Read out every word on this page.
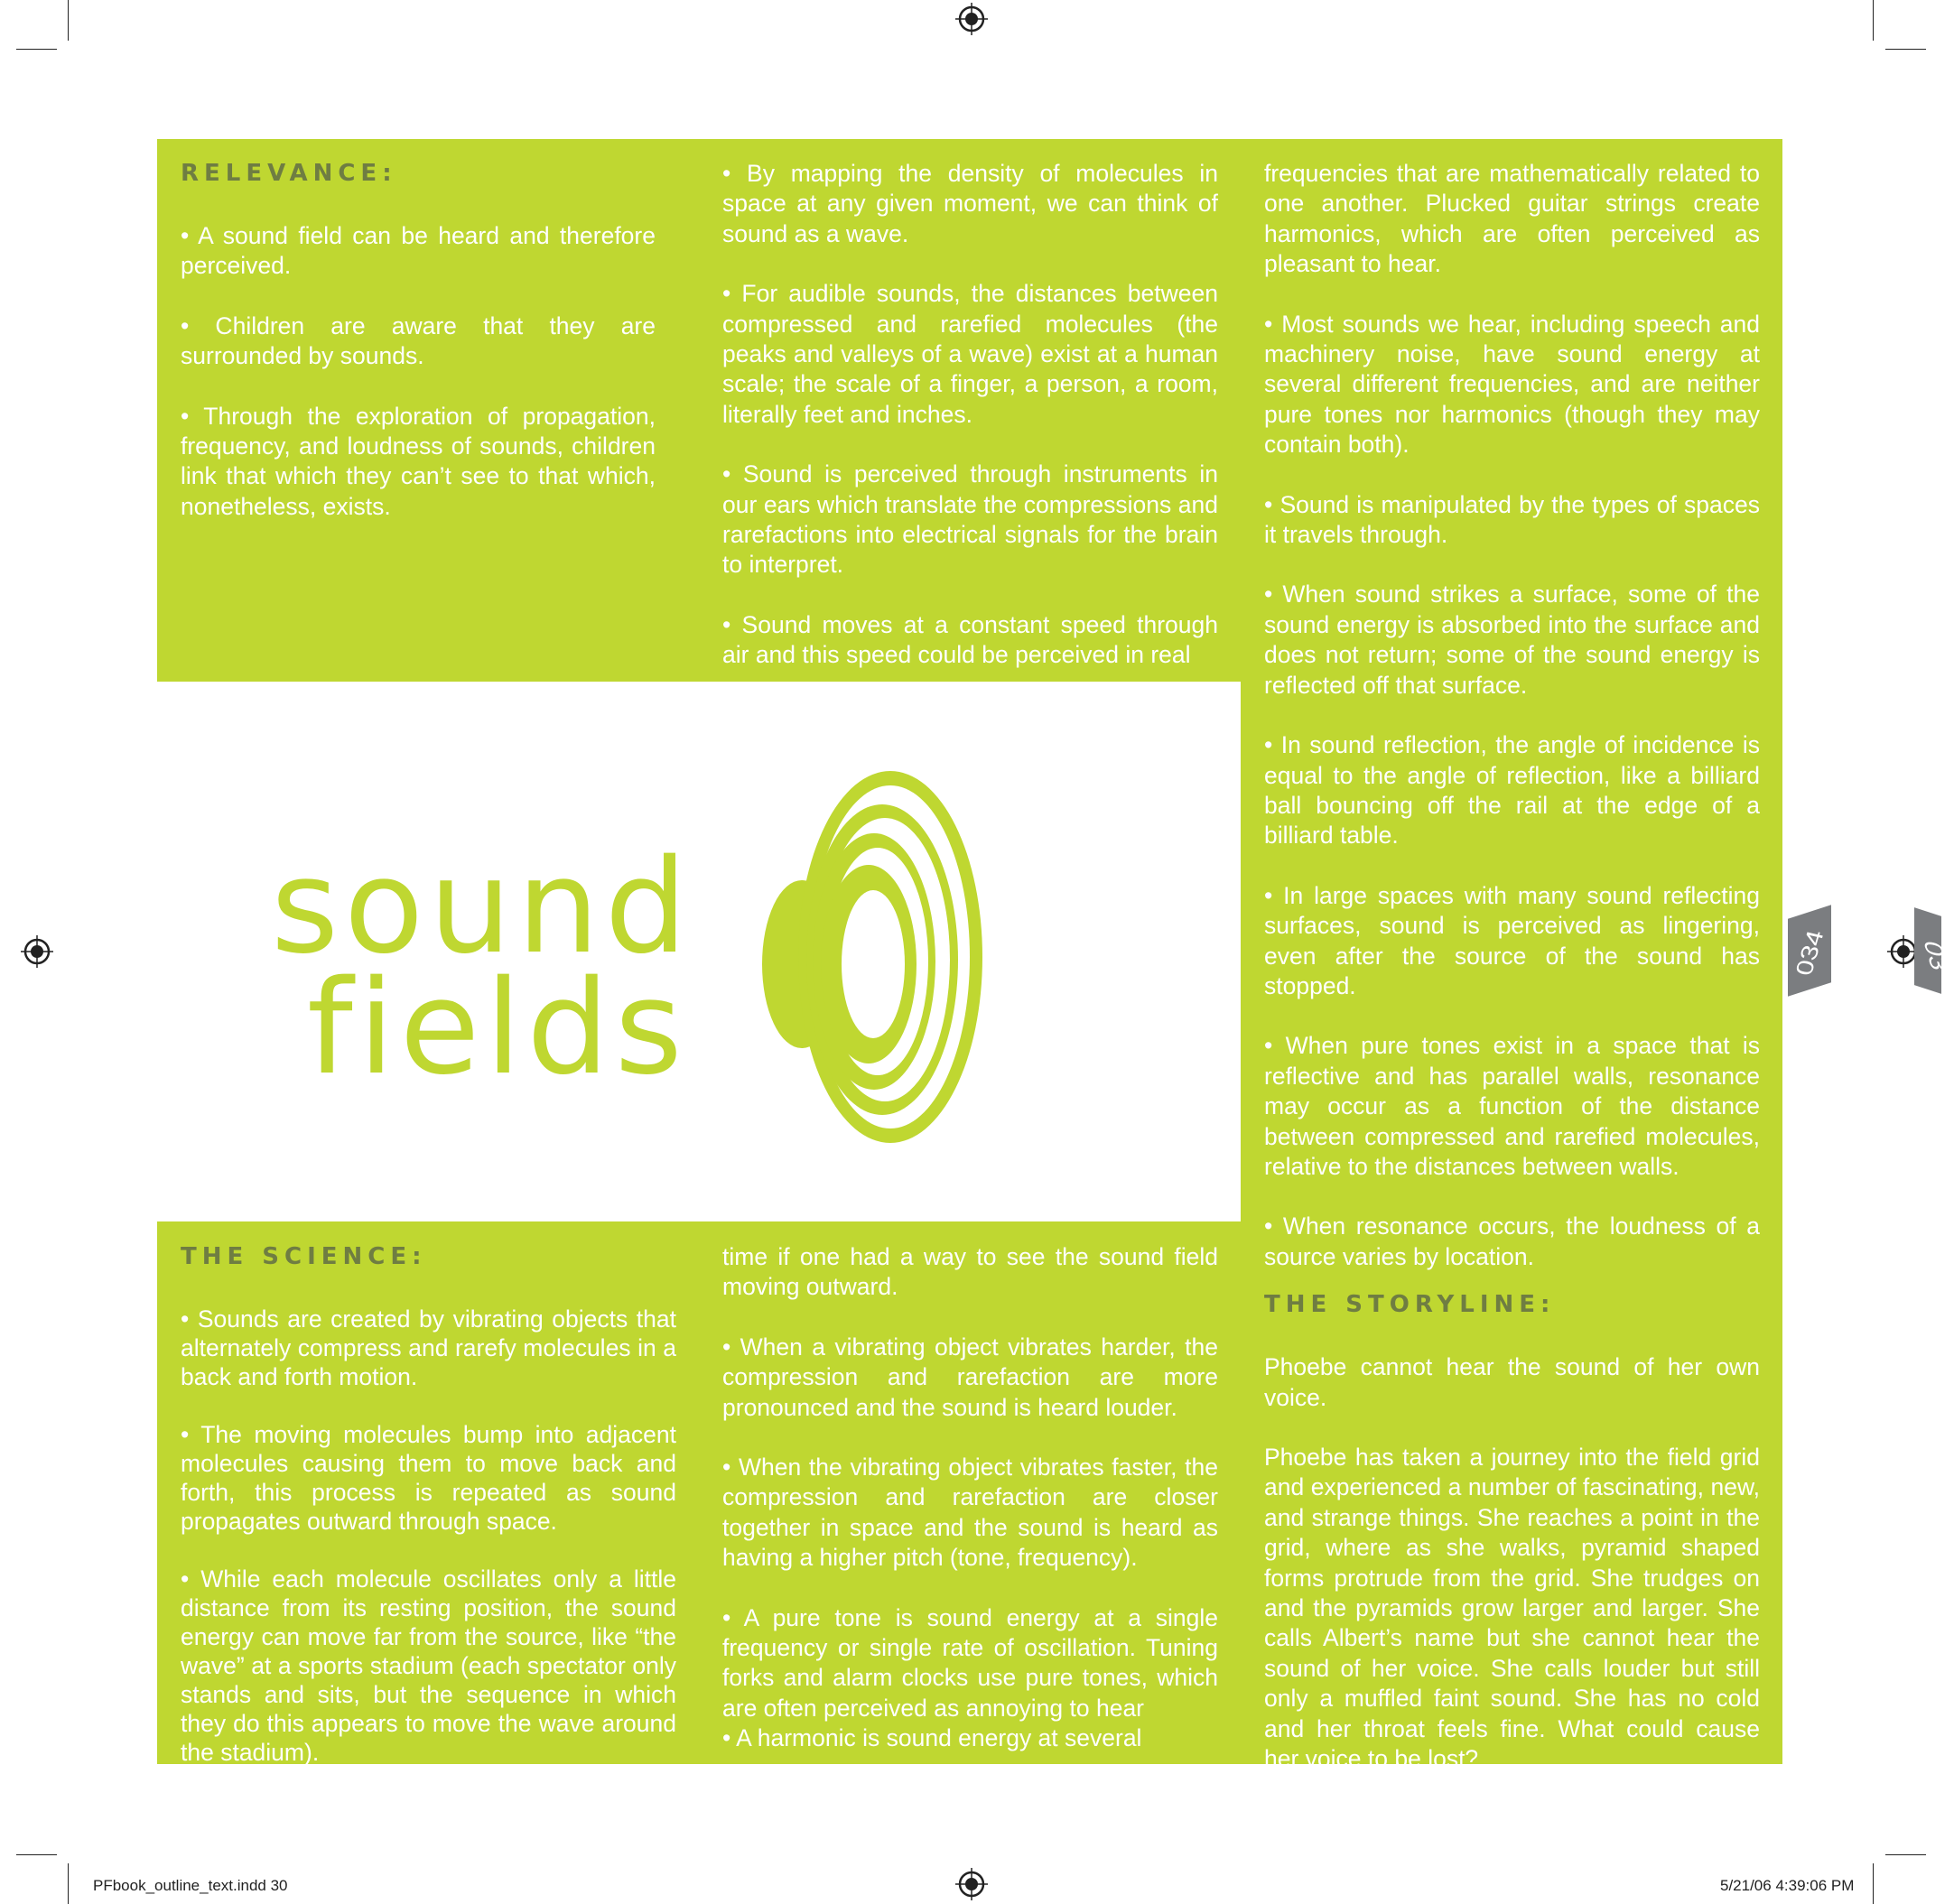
RELEVANCE:

• A sound field can be heard and therefore perceived.

• Children are aware that they are surrounded by sounds.

• Through the exploration of propagation, frequency, and loudness of sounds, children link that which they can’t see to that which, nonetheless, exists.

• By mapping the density of molecules in space at any given moment, we can think of sound as a wave.

• For audible sounds, the distances between compressed and rarefied molecules (the peaks and valleys of a wave) exist at a human scale; the scale of a finger, a person, a room, literally feet and inches.

• Sound is perceived through instruments in our ears which translate the compressions and rarefactions into electrical signals for the brain to interpret.

• Sound moves at a constant speed through air and this speed could be perceived in real

frequencies that are mathematically related to one another. Plucked guitar strings create harmonics, which are often perceived as pleasant to hear.

• Most sounds we hear, including speech and machinery noise, have sound energy at several different frequencies, and are neither pure tones nor harmonics (though they may contain both).

• Sound is manipulated by the types of spaces it travels through.

• When sound strikes a surface, some of the sound energy is absorbed into the surface and does not return; some of the sound energy is reflected off that surface.

• In sound reflection, the angle of incidence is equal to the angle of reflection, like a billiard ball bouncing off the rail at the edge of a billiard table.

• In large spaces with many sound reflecting surfaces, sound is perceived as lingering, even after the source of the sound has stopped.

• When pure tones exist in a space that is reflective and has parallel walls, resonance may occur as a function of the distance between compressed and rarefied molecules, relative to the distances between walls.

• When resonance occurs, the loudness of a source varies by location.

THE STORYLINE:

Phoebe cannot hear the sound of her own voice.

Phoebe has taken a journey into the field grid and experienced a number of fascinating, new, and strange things. She reaches a point in the grid, where as she walks, pyramid shaped forms protrude from the grid. She trudges on and the pyramids grow larger and larger. She calls Albert’s name but she cannot hear the sound of her voice. She calls louder but still only a muffled faint sound. She has no cold and her throat feels fine. What could cause her voice to be lost?

THE SCIENCE:

• Sounds are created by vibrating objects that alternately compress and rarefy molecules in a back and forth motion.

• The moving molecules bump into adjacent molecules causing them to move back and forth, this process is repeated as sound propagates outward through space.

• While each molecule oscillates only a little distance from its resting position, the sound energy can move far from the source, like “the wave” at a sports stadium (each spectator only stands and sits, but the sequence in which they do this appears to move the wave around the stadium).

time if one had a way to see the sound field moving outward.

• When a vibrating object vibrates harder, the compression and rarefaction are more pronounced and the sound is heard louder.

• When the vibrating object vibrates faster, the compression and rarefaction are closer together in space and the sound is heard as having a higher pitch (tone, frequency).

• A pure tone is sound energy at a single frequency or single rate of oscillation. Tuning forks and alarm clocks use pure tones, which are often perceived as annoying to hear

• A harmonic is sound energy at several

sound
fields	034	03
PFbook_outline_text.indd 30	5/21/06 4:39:06 PM
